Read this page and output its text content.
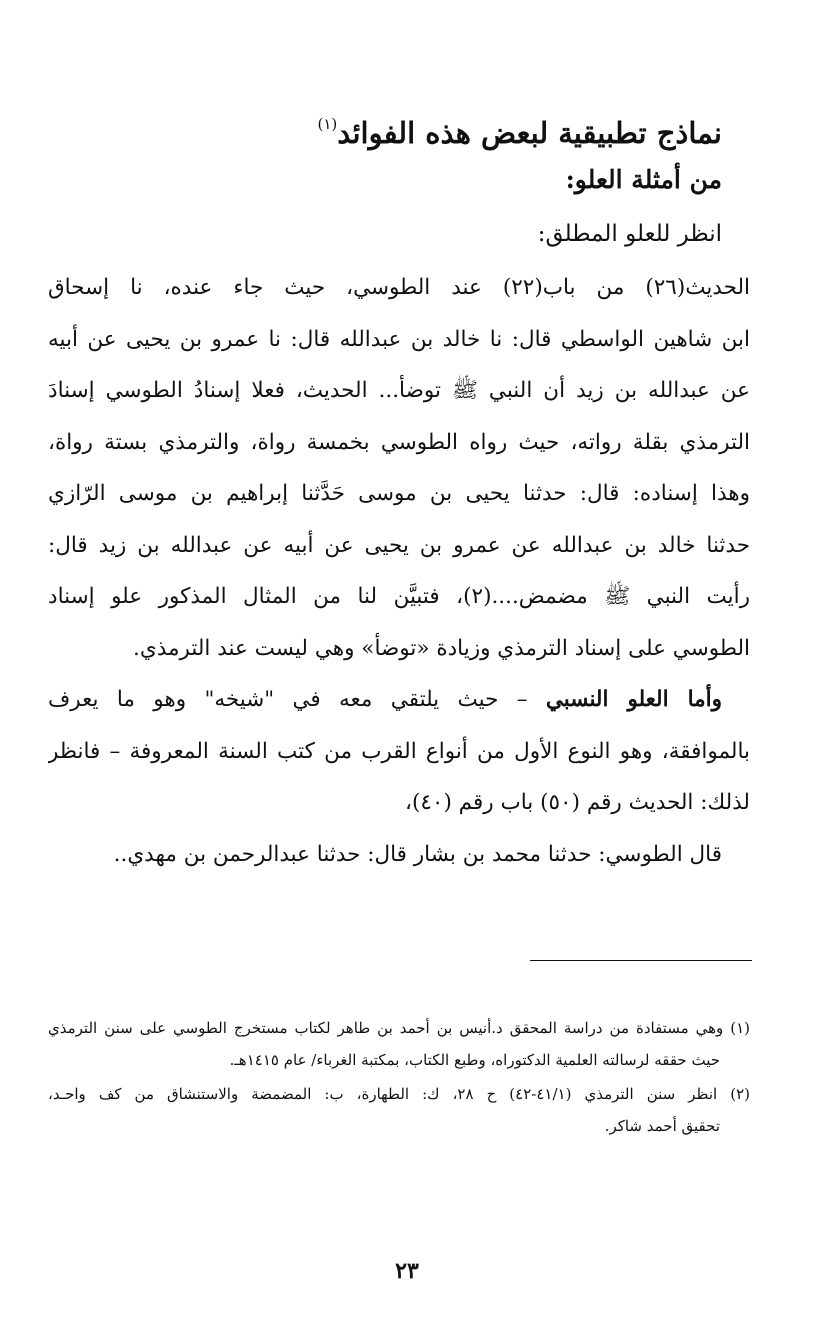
نماذج تطبيقية لبعض هذه الفوائد$^{(١)}$
من أمثلة العلو:
انظر للعلو المطلق:
الحديث(٢٦) من باب(٢٢) عند الطوسي، حيث جاء عنده، نا إسحاق
ابن شاهين الواسطي قال: نا خالد بن عبدالله قال: نا عمرو بن يحيى عن أبيه
عن عبدالله بن زيد أن النبي ﷺ توضأ... الحديث، فعلا إسنادُ الطوسي إسنادَ
الترمذي بقلة رواته، حيث رواه الطوسي بخمسة رواة، والترمذي بستة رواة،
وهذا إسناده: قال: حدثنا يحيى بن موسى حَدَّثنا إبراهيم بن موسى الرّازي
حدثنا خالد بن عبدالله عن عمرو بن يحيى عن أبيه عن عبدالله بن زيد قال:
رأيت النبي ﷺ مضمض....(٢)، فتبيَّن لنا من المثال المذكور علو إسناد
الطوسي على إسناد الترمذي وزيادة «توضأ» وهي ليست عند الترمذي.
وأما العلو النسبي – حيث يلتقي معه في "شيخه" وهو ما يعرف
بالموافقة، وهو النوع الأول من أنواع القرب من كتب السنة المعروفة – فانظر
لذلك: الحديث رقم (٥٠) باب رقم (٤٠)،
قال الطوسي: حدثنا محمد بن بشار قال: حدثنا عبدالرحمن بن مهدي..
(١) وهي مستفادة من دراسة المحقق د.أنيس بن أحمد بن طاهر لكتاب مستخرج الطوسي على سنن الترمذي
حيث حققه لرسالته العلمية الدكتوراه، وطبع الكتاب، بمكتبة الغرباء/ عام ١٤١٥هـ.
(٢) انظر سنن الترمذي (٤١/١-٤٢) ح ٢٨، ك: الطهارة، ب: المضمضة والاستنشاق من كف واحـد،
تحقيق أحمد شاكر.
٢٣
